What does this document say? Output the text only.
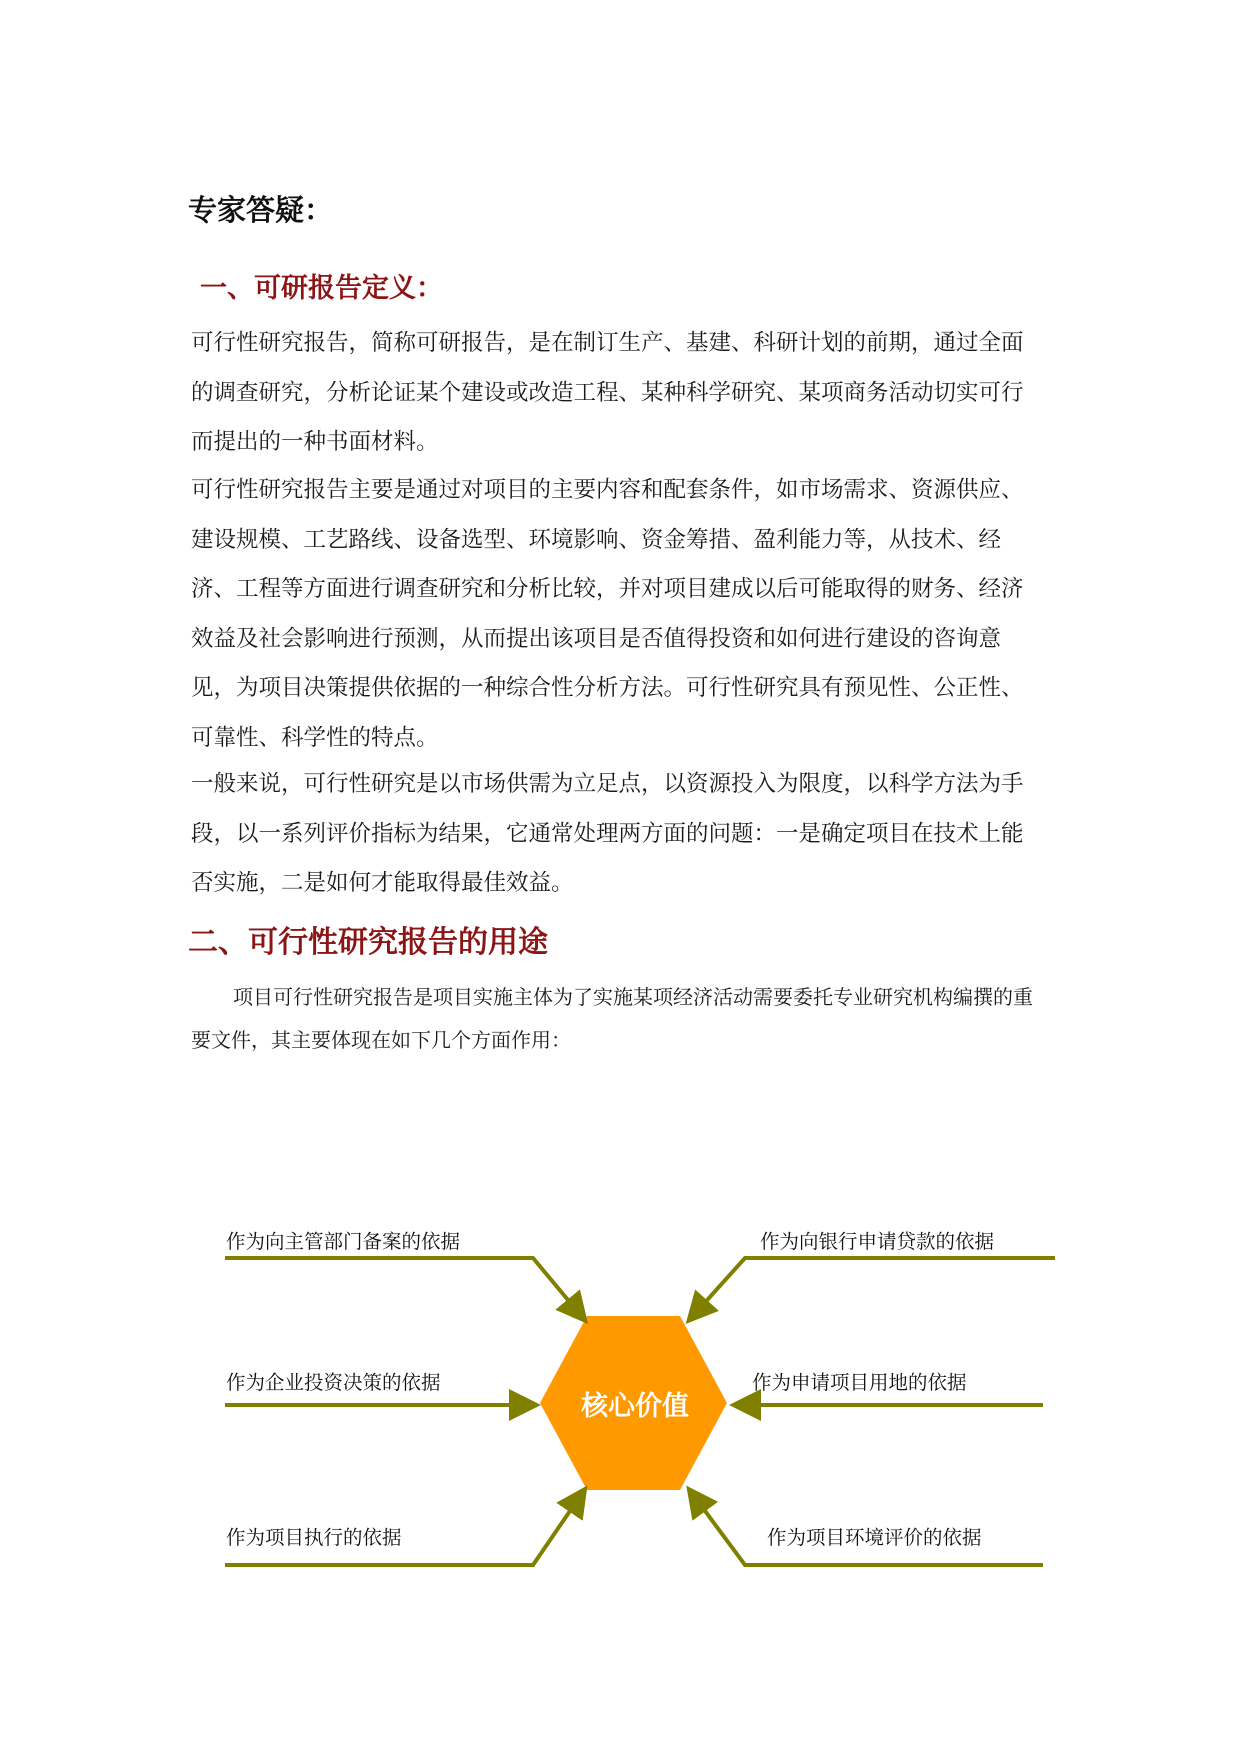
专家答疑：
一、可研报告定义：

可行性研究报告，简称可研报告，是在制订生产、基建、科研计划的前期，通过全面的调查研究，分析论证某个建设或改造工程、某种科学研究、某项商务活动切实可行而提出的一种书面材料。

可行性研究报告主要是通过对项目的主要内容和配套条件，如市场需求、资源供应、建设规模、工艺路线、设备选型、环境影响、资金筹措、盈利能力等，从技术、经济、工程等方面进行调查研究和分析比较，并对项目建成以后可能取得的财务、经济效益及社会影响进行预测，从而提出该项目是否值得投资和如何进行建设的咨询意见，为项目决策提供依据的一种综合性分析方法。可行性研究具有预见性、公正性、可靠性、科学性的特点。

一般来说，可行性研究是以市场供需为立足点，以资源投入为限度，以科学方法为手段，以一系列评价指标为结果，它通常处理两方面的问题：一是确定项目在技术上能否实施，二是如何才能取得最佳效益。

二、可行性研究报告的用途

项目可行性研究报告是项目实施主体为了实施某项经济活动需要委托专业研究机构编撰的重要文件，其主要体现在如下几个方面作用：

核心价值
作为向主管部门备案的依据	作为向银行申请贷款的依据
作为企业投资决策的依据	作为申请项目用地的依据
作为项目执行的依据	作为项目环境评价的依据
